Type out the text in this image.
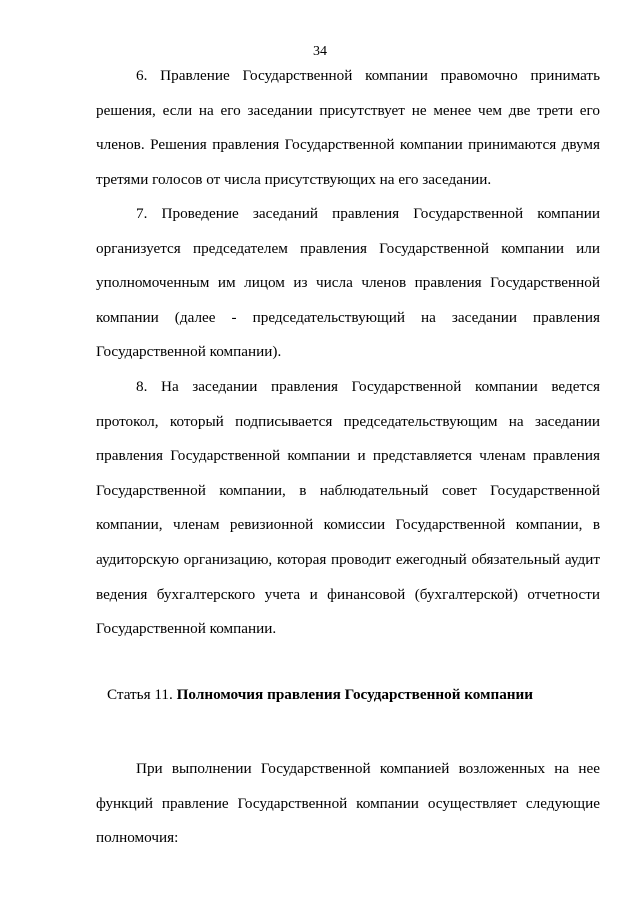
34

6. Правление Государственной компании правомочно принимать решения, если на его заседании присутствует не менее чем две трети его членов. Решения правления Государственной компании принимаются двумя третями голосов от числа присутствующих на его заседании.

7. Проведение заседаний правления Государственной компании организуется председателем правления Государственной компании или уполномоченным им лицом из числа членов правления Государственной компании (далее - председательствующий на заседании правления Государственной компании).

8. На заседании правления Государственной компании ведется протокол, который подписывается председательствующим на заседании правления Государственной компании и представляется членам правления Государственной компании, в наблюдательный совет Государственной компании, членам ревизионной комиссии Государственной компании, в аудиторскую организацию, которая проводит ежегодный обязательный аудит ведения бухгалтерского учета и финансовой (бухгалтерской) отчетности Государственной компании.

Статья 11. Полномочия правления Государственной компании

При выполнении Государственной компанией возложенных на нее функций правление Государственной компании осуществляет следующие полномочия:
